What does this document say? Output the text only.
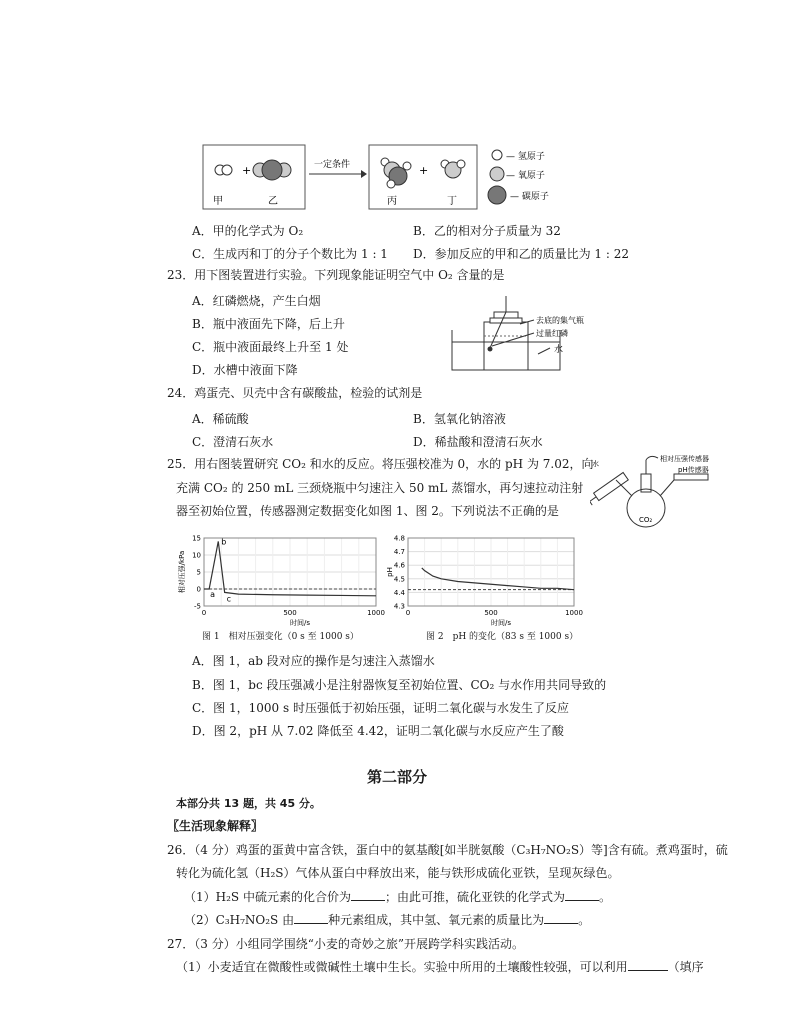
+
甲	乙
一定条件	+
丙	丁
— 氢原子
— 氧原子
— 碳原子
A．甲的化学式为 O₂	B．乙的相对分子质量为 32
C．生成丙和丁的分子个数比为 1 : 1 D．参加反应的甲和乙的质量比为 1 : 22
23．用下图装置进行实验。下列现象能证明空气中 O₂ 含量的是
A．红磷燃烧，产生白烟
B．瓶中液面先下降，后上升
C．瓶中液面最终上升至 1 处
D．水槽中液面下降
去底的集气瓶
过量红磷
水
24．鸡蛋壳、贝壳中含有碳酸盐，检验的试剂是
A．稀硫酸	B．氢氧化钠溶液
C．澄清石灰水	D．稀盐酸和澄清石灰水
25．用右图装置研究 CO₂ 和水的反应。将压强校准为 0，水的 pH 为 7.02，向
充满 CO₂ 的 250 mL 三颈烧瓶中匀速注入 50 mL 蒸馏水，再匀速拉动注射
器至初始位置，传感器测定数据变化如图 1、图 2。下列说法不正确的是
水
相对压强传感器
pH传感器
CO₂
0	500	1000
15
10
5
0
-5
时间/s
相对压强/kPa
b
a c
0	500	1000
4.8
4.7
4.6
4.5
4.4
4.3
时间/s
pH
图 1　相对压强变化（0 s 至 1000 s）	图 2　pH 的变化（83 s 至 1000 s）
A．图 1，ab 段对应的操作是匀速注入蒸馏水
B．图 1，bc 段压强减小是注射器恢复至初始位置、CO₂ 与水作用共同导致的
C．图 1，1000 s 时压强低于初始压强，证明二氧化碳与水发生了反应
D．图 2，pH 从 7.02 降低至 4.42，证明二氧化碳与水反应产生了酸
第二部分
本部分共 13 题，共 45 分。
〖生活现象解释〗
26．（4 分）鸡蛋的蛋黄中富含铁，蛋白中的氨基酸[如半胱氨酸（C₃H₇NO₂S）等]含有硫。煮鸡蛋时，硫
转化为硫化氢（H₂S）气体从蛋白中释放出来，能与铁形成硫化亚铁，呈现灰绿色。
（1）H₂S 中硫元素的化合价为	；由此可推，硫化亚铁的化学式为	。
（2）C₃H₇NO₂S 由	种元素组成，其中氢、氧元素的质量比为	。
27．（3 分）小组同学围绕“小麦的奇妙之旅”开展跨学科实践活动。
（1）小麦适宜在微酸性或微碱性土壤中生长。实验中所用的土壤酸性较强，可以利用	（填序
